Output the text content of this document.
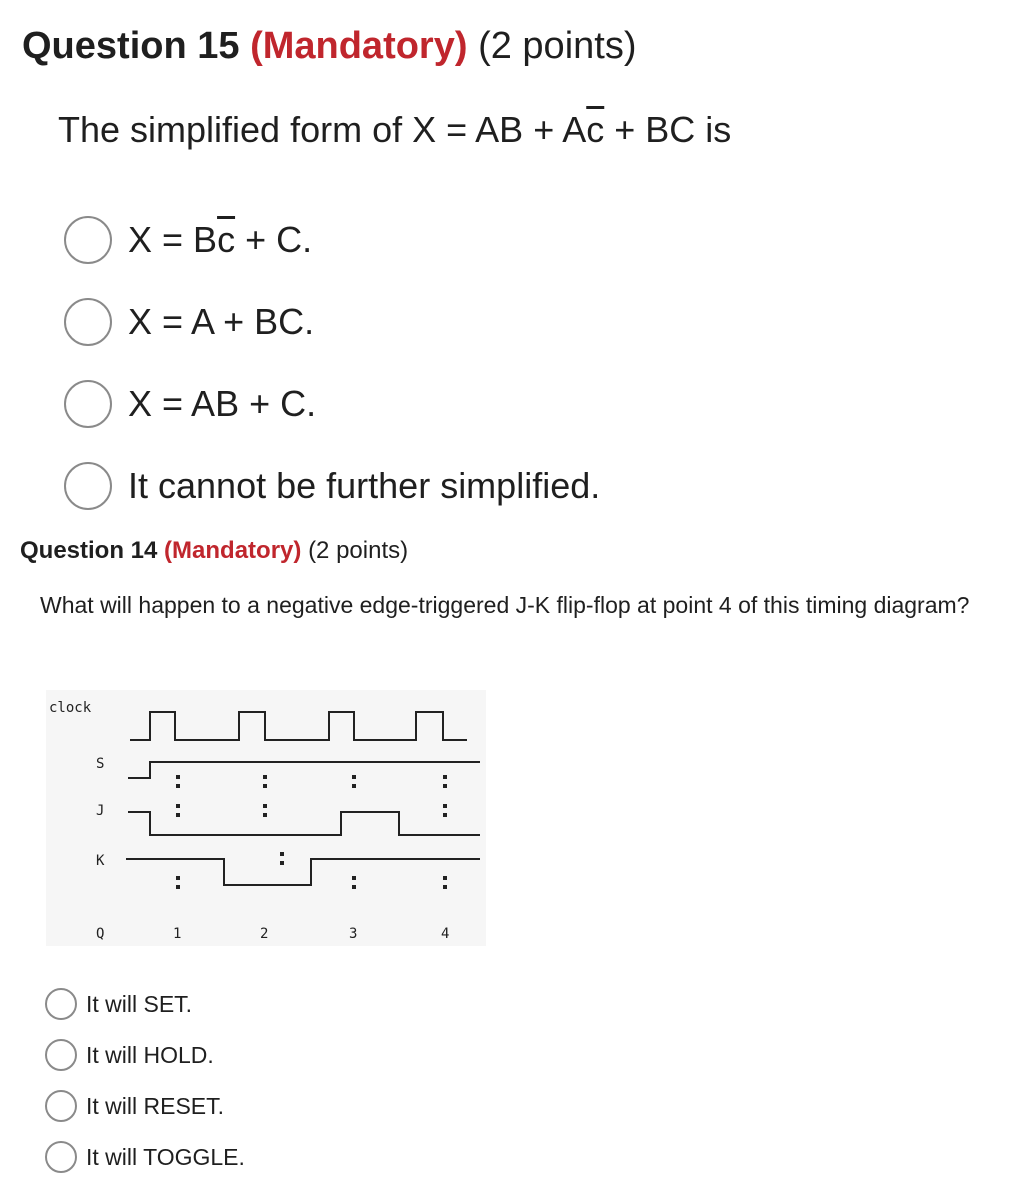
Question 15 (Mandatory) (2 points)
The simplified form of X = AB + $A\overline{c}$ + BC is
$X = B\overline{c} + C$.
X = A + BC.
X = AB + C.
It cannot be further simplified.
Question 14 (Mandatory) (2 points)
What will happen to a negative edge-triggered J-K flip-flop at point 4 of this timing diagram?
clock
S
J
K
Q	1	2	3	4
It will SET.
It will HOLD.
It will RESET.
It will TOGGLE.
